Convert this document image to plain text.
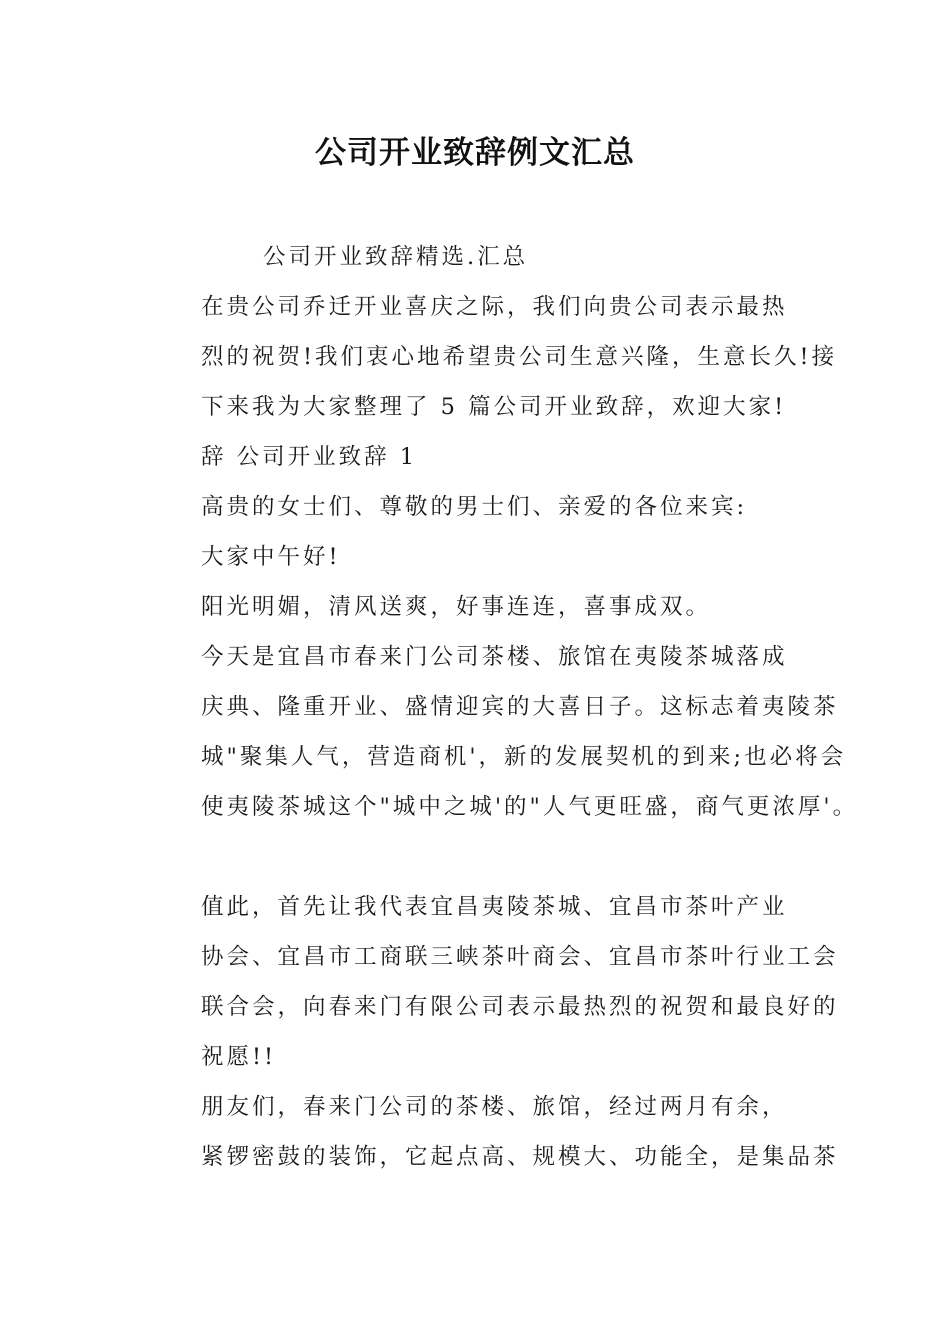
公司开业致辞例文汇总

公司开业致辞精选.汇总

在贵公司乔迁开业喜庆之际，我们向贵公司表示最热

烈的祝贺!我们衷心地希望贵公司生意兴隆，生意长久!接
下来我为大家整理了 5 篇公司开业致辞，欢迎大家!

辞 公司开业致辞 1

高贵的女士们、尊敬的男士们、亲爱的各位来宾:

大家中午好!

阳光明媚，清风送爽，好事连连，喜事成双。

今天是宜昌市春来门公司茶楼、旅馆在夷陵茶城落成

庆典、隆重开业、盛情迎宾的大喜日子。这标志着夷陵茶
城"聚集人气，营造商机'，新的发展契机的到来;也必将会
使夷陵茶城这个"城中之城'的"人气更旺盛，商气更浓厚'。

值此，首先让我代表宜昌夷陵茶城、宜昌市茶叶产业

协会、宜昌市工商联三峡茶叶商会、宜昌市茶叶行业工会
联合会，向春来门有限公司表示最热烈的祝贺和最良好的
祝愿!!

朋友们，春来门公司的茶楼、旅馆，经过两月有余，

紧锣密鼓的装饰，它起点高、规模大、功能全，是集品茶
